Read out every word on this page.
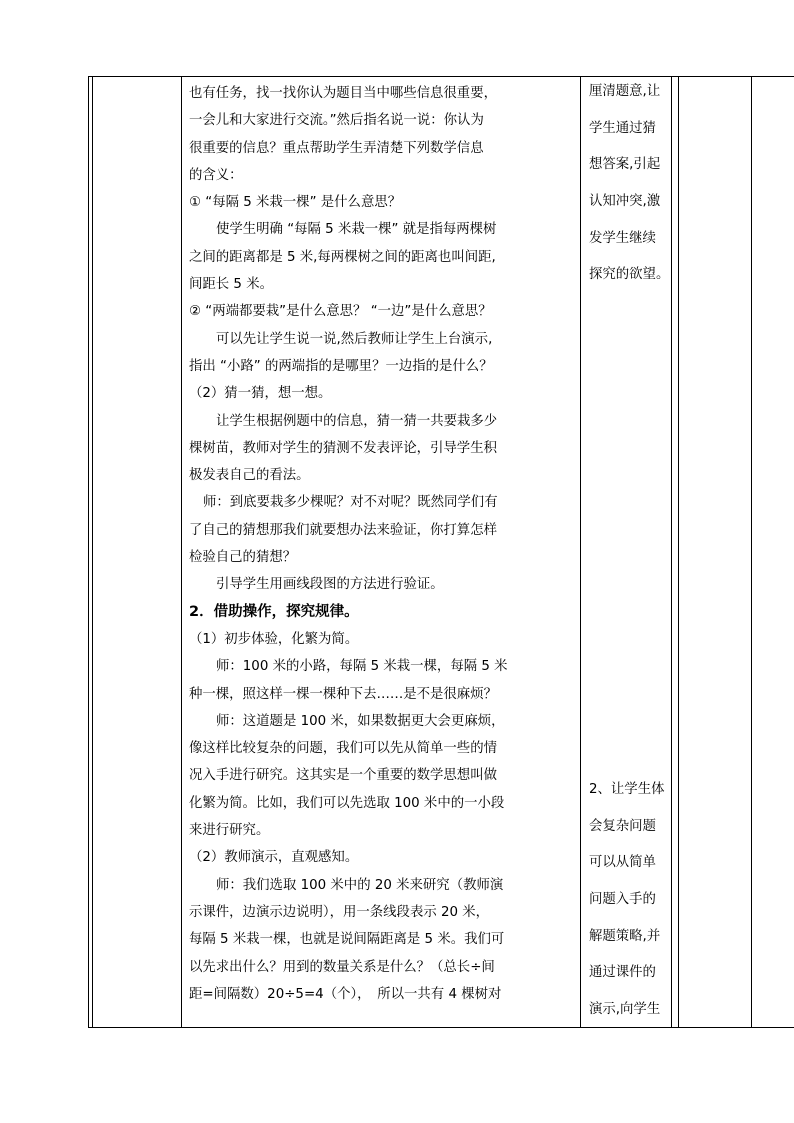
也有任务，找一找你认为题目当中哪些信息很重要，
一会儿和大家进行交流。”然后指名说一说：你认为
很重要的信息？重点帮助学生弄清楚下列数学信息
的含义：
① “每隔 5 米栽一棵” 是什么意思？
使学生明确 “每隔 5 米栽一棵” 就是指每两棵树
之间的距离都是 5 米,每两棵树之间的距离也叫间距,
间距长 5 米。
② “两端都要栽”是什么意思？ “一边”是什么意思？
可以先让学生说一说,然后教师让学生上台演示,
指出 “小路” 的两端指的是哪里？一边指的是什么？
（2）猜一猜，想一想。
让学生根据例题中的信息，猜一猜一共要栽多少
棵树苗，教师对学生的猜测不发表评论，引导学生积
极发表自己的看法。
师：到底要栽多少棵呢？对不对呢？既然同学们有
了自己的猜想那我们就要想办法来验证，你打算怎样
检验自己的猜想？
引导学生用画线段图的方法进行验证。
2．借助操作，探究规律。
（1）初步体验，化繁为简。
师：100 米的小路，每隔 5 米栽一棵，每隔 5 米
种一棵，照这样一棵一棵种下去……是不是很麻烦？
师：这道题是 100 米，如果数据更大会更麻烦，
像这样比较复杂的问题，我们可以先从简单一些的情
况入手进行研究。这其实是一个重要的数学思想叫做
化繁为简。比如，我们可以先选取 100 米中的一小段
来进行研究。
（2）教师演示，直观感知。
师：我们选取 100 米中的 20 米来研究（教师演
示课件，边演示边说明），用一条线段表示 20 米，
每隔 5 米栽一棵，也就是说间隔距离是 5 米。我们可
以先求出什么？用到的数量关系是什么？（总长÷间
距=间隔数）20÷5=4（个），　所以一共有 4 棵树对
厘清题意,让
学生通过猜
想答案,引起
认知冲突,激
发学生继续
探究的欲望。
2、让学生体
会复杂问题
可以从简单
问题入手的
解题策略,并
通过课件的
演示,向学生
